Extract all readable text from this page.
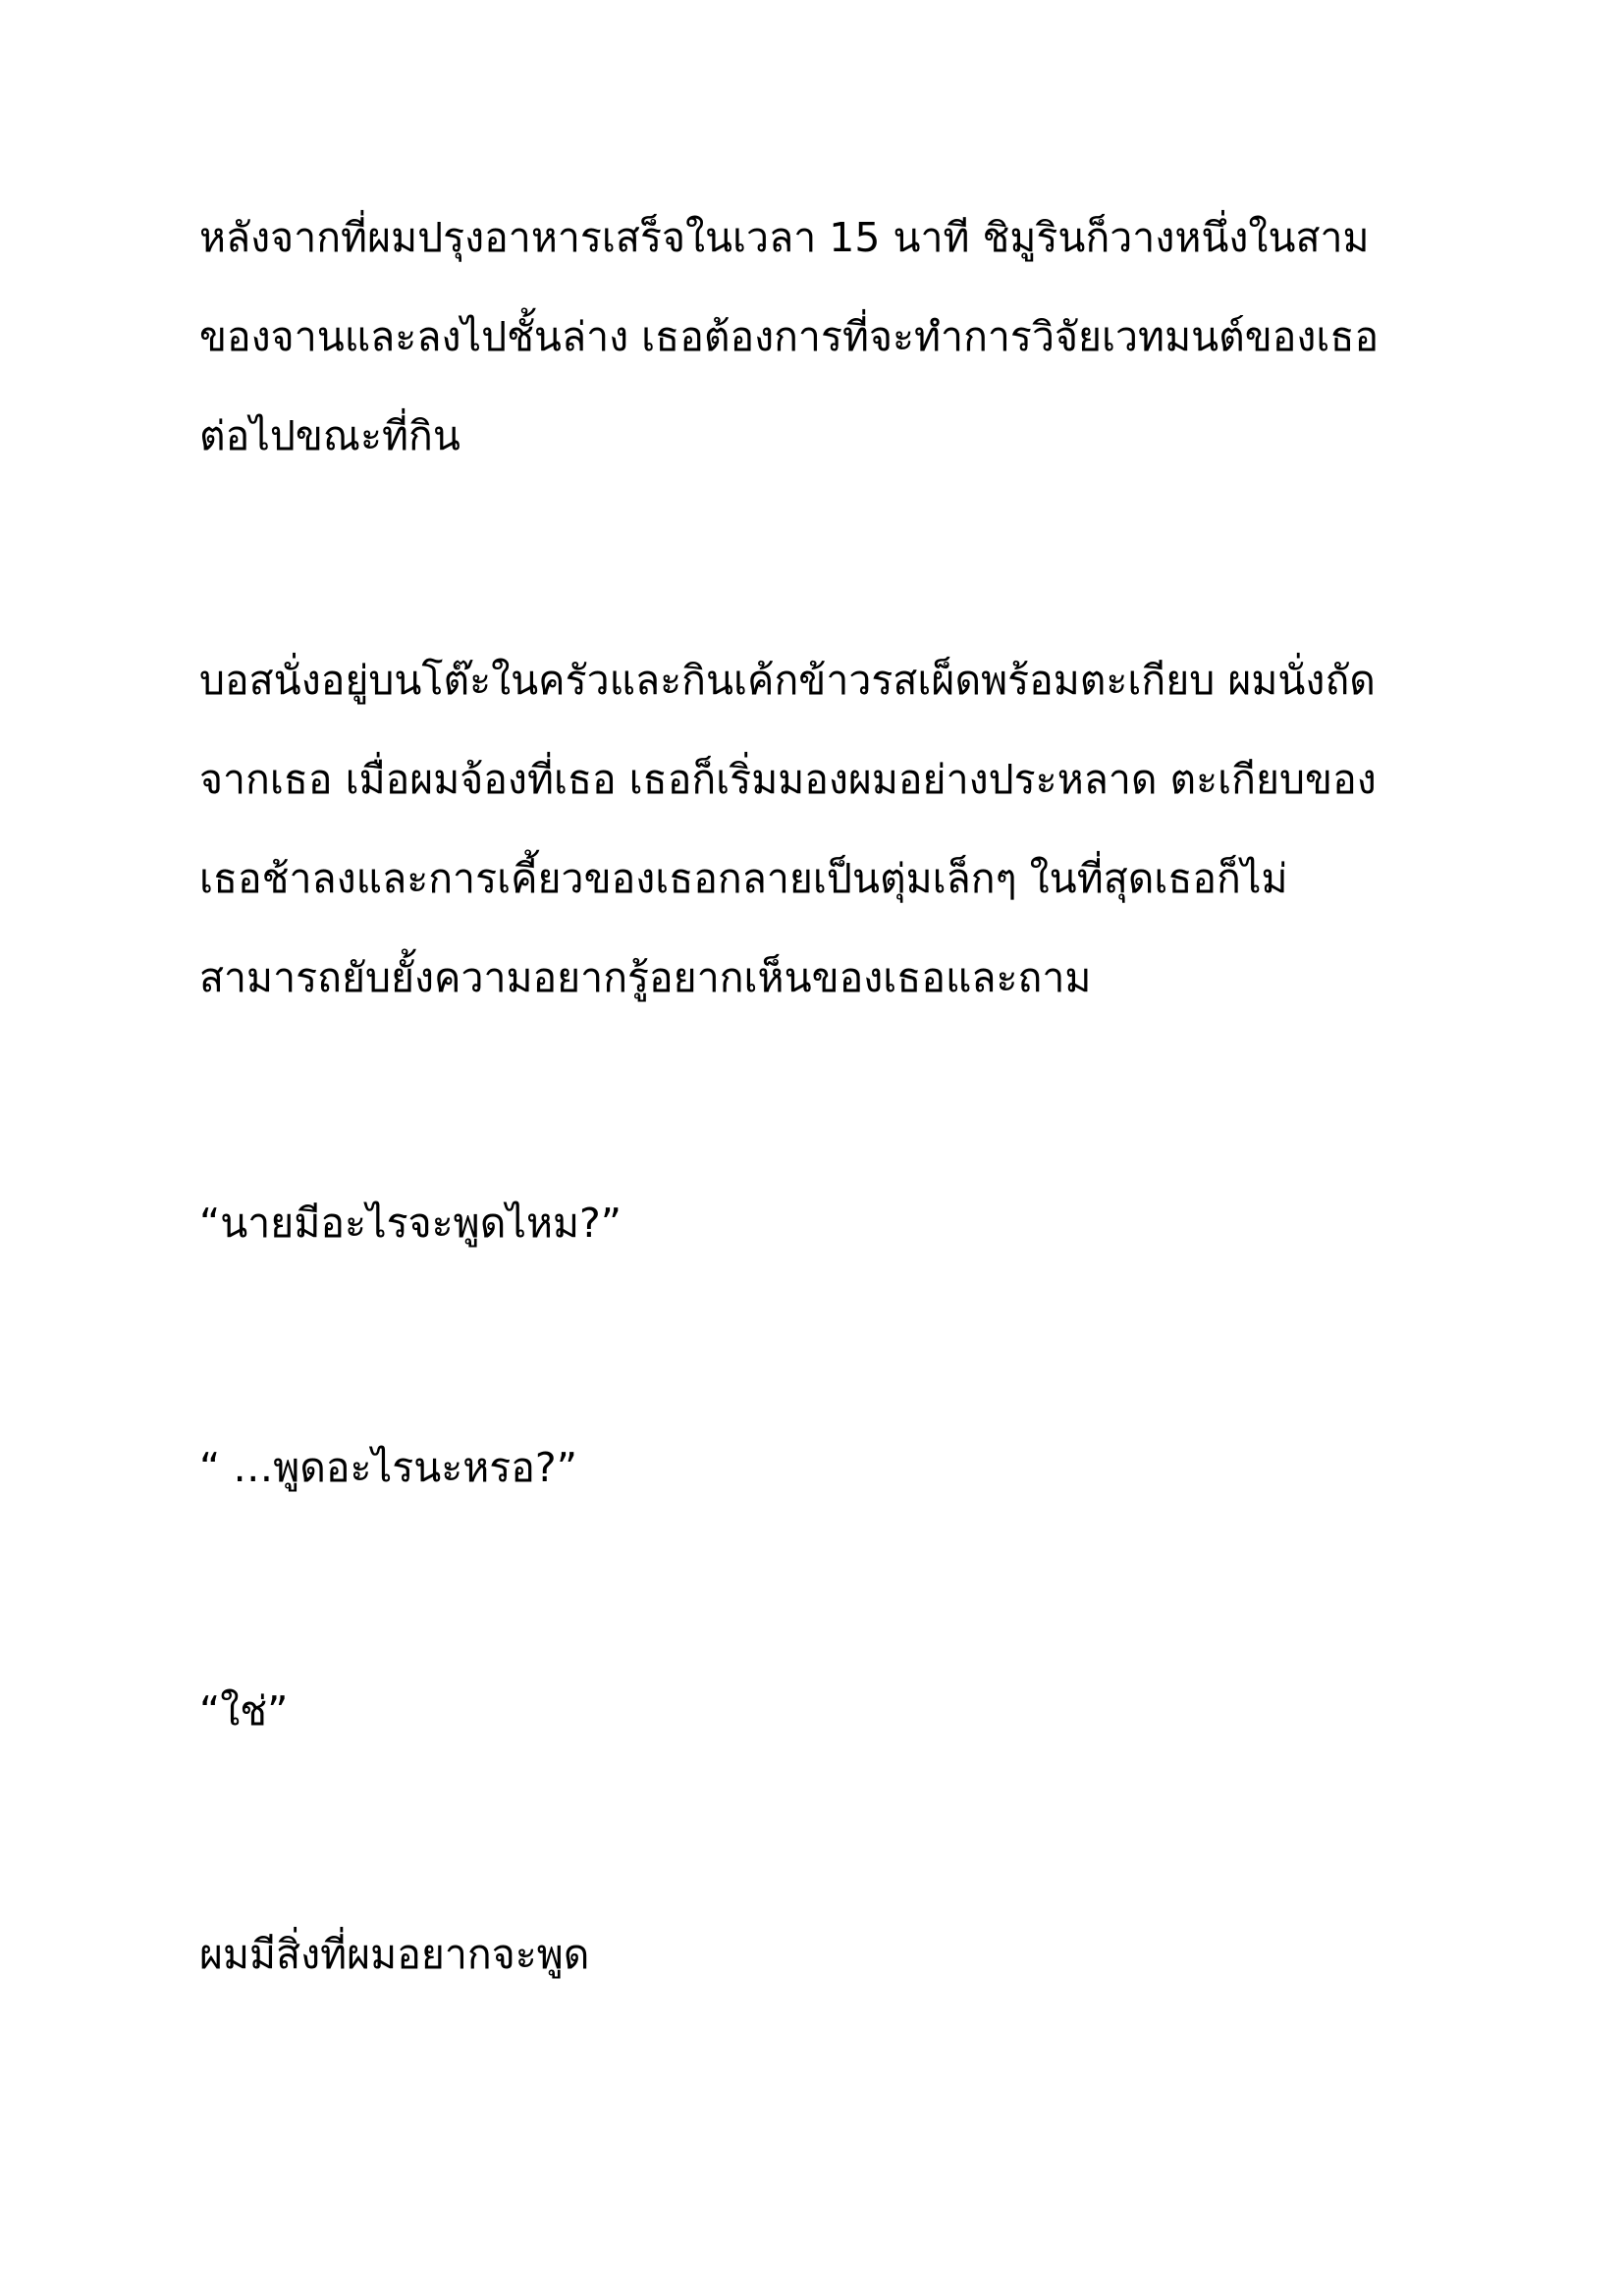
หลังจากที่ผมปรุงอาหารเสร็จในเวลา 15 นาที ชิมูรินก็วางหนึ่งในสาม
ของจานและลงไปชั้นล่าง เธอต้องการที่จะทำการวิจัยเวทมนต์ของเธอ
ต่อไปขณะที่กิน

บอสนั่งอยู่บนโต๊ะในครัวและกินเค้กข้าวรสเผ็ดพร้อมตะเกียบ ผมนั่งถัด
จากเธอ เมื่อผมจ้องที่เธอ เธอก็เริ่มมองผมอย่างประหลาด ตะเกียบของ
เธอช้าลงและการเคี้ยวของเธอกลายเป็นตุ่มเล็กๆ ในที่สุดเธอก็ไม่
สามารถยับยั้งความอยากรู้อยากเห็นของเธอและถาม

“นายมีอะไรจะพูดไหม?”

“ …พูดอะไรนะหรอ?”

“ใช่”

ผมมีสิ่งที่ผมอยากจะพูด
